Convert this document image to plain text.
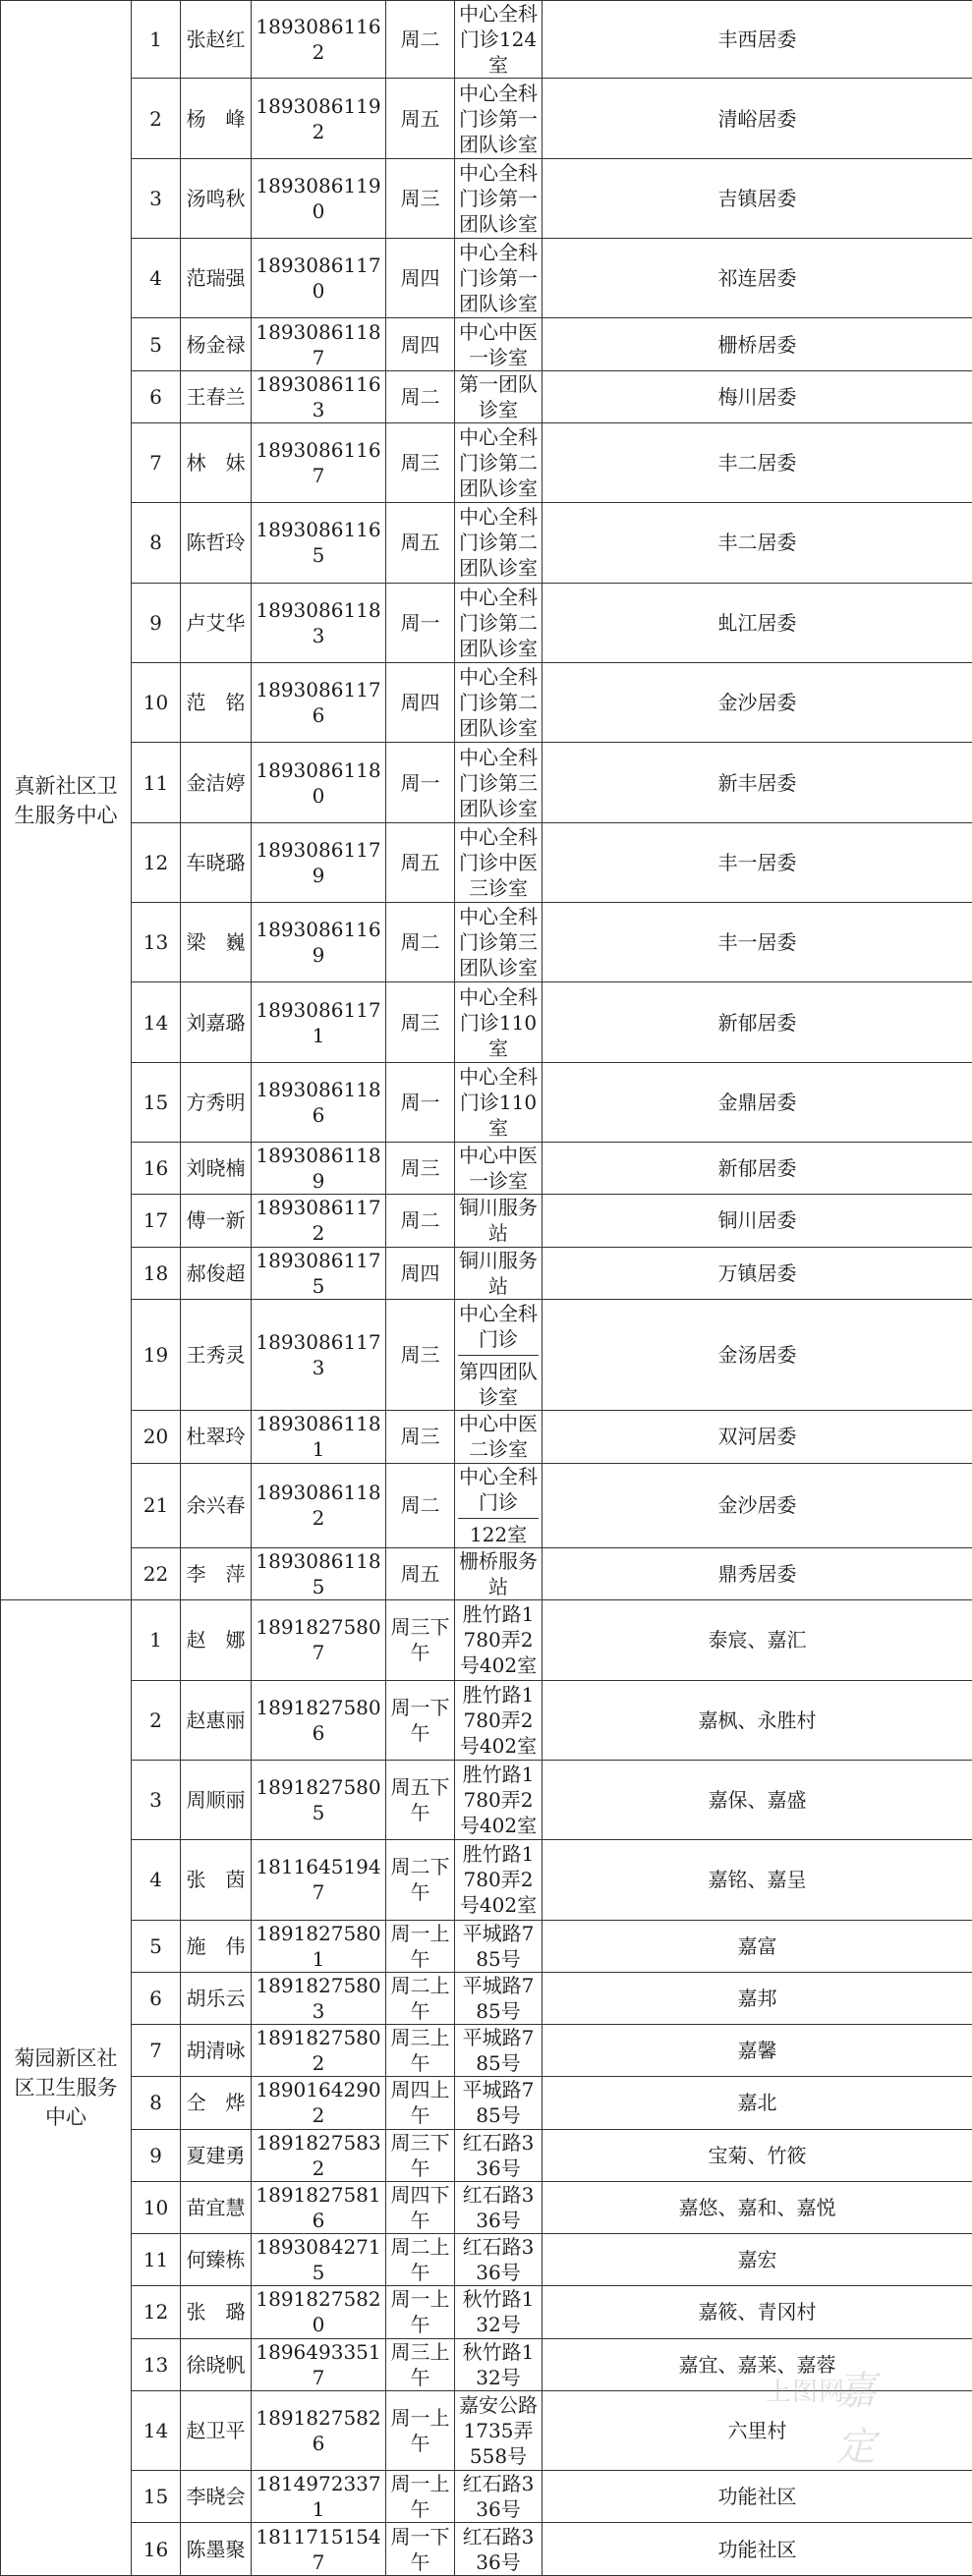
真新社区卫生服务中心	1	张赵红	18930861162	周二	中心全科门诊124室	丰西居委
	2	杨　峰	18930861192	周五	中心全科门诊第一团队诊室	清峪居委
	3	汤鸣秋	18930861190	周三	中心全科门诊第一团队诊室	吉镇居委
	4	范瑞强	18930861170	周四	中心全科门诊第一团队诊室	祁连居委
	5	杨金禄	18930861187	周四	中心中医一诊室	栅桥居委
	6	王春兰	18930861163	周二	第一团队诊室	梅川居委
	7	林　妹	18930861167	周三	中心全科门诊第二团队诊室	丰二居委
	8	陈哲玲	18930861165	周五	中心全科门诊第二团队诊室	丰二居委
	9	卢艾华	18930861183	周一	中心全科门诊第二团队诊室	虬江居委
	10	范　铭	18930861176	周四	中心全科门诊第二团队诊室	金沙居委
	11	金洁婷	18930861180	周一	中心全科门诊第三团队诊室	新丰居委
	12	车晓璐	18930861179	周五	中心全科门诊中医三诊室	丰一居委
	13	梁　巍	18930861169	周二	中心全科门诊第三团队诊室	丰一居委
	14	刘嘉璐	18930861171	周三	中心全科门诊110室	新郁居委
	15	方秀明	18930861186	周一	中心全科门诊110室	金鼎居委
	16	刘晓楠	18930861189	周三	中心中医一诊室	新郁居委
	17	傅一新	18930861172	周二	铜川服务站	铜川居委
	18	郝俊超	18930861175	周四	铜川服务站	万镇居委
	19	王秀灵	18930861173	周三	中心全科门诊
第四团队诊室	金汤居委
	20	杜翠玲	18930861181	周三	中心中医二诊室	双河居委
	21	余兴春	18930861182	周二	中心全科门诊
122室	金沙居委
	22	李　萍	18930861185	周五	栅桥服务站	鼎秀居委
菊园新区社区卫生服务中心	1	赵　娜	18918275807	周三下午	胜竹路1780弄2号402室	泰宸、嘉汇
	2	赵惠丽	18918275806	周一下午	胜竹路1780弄2号402室	嘉枫、永胜村
	3	周顺丽	18918275805	周五下午	胜竹路1780弄2号402室	嘉保、嘉盛
	4	张　茵	18116451947	周二下午	胜竹路1780弄2号402室	嘉铭、嘉呈
	5	施　伟	18918275801	周一上午	平城路785号	嘉富
	6	胡乐云	18918275803	周二上午	平城路785号	嘉邦
	7	胡清咏	18918275802	周三上午	平城路785号	嘉馨
	8	仝　烨	18901642902	周四上午	平城路785号	嘉北
	9	夏建勇	18918275832	周三下午	红石路336号	宝菊、竹筱
	10	苗宜慧	18918275816	周四下午	红石路336号	嘉悠、嘉和、嘉悦
	11	何臻栋	18930842715	周二上午	红石路336号	嘉宏
	12	张　璐	18918275820	周一上午	秋竹路132号	嘉筱、青冈村
	13	徐晓帆	18964933517	周三上午	秋竹路132号	嘉宜、嘉莱、嘉蓉
	14	赵卫平	18918275826	周一上午	嘉安公路1735弄558号	六里村
	15	李晓会	18149723371	周一上午	红石路336号	功能社区
	16	陈墨聚	18117151547	周一下午	红石路336号	功能社区
上图网
嘉定
